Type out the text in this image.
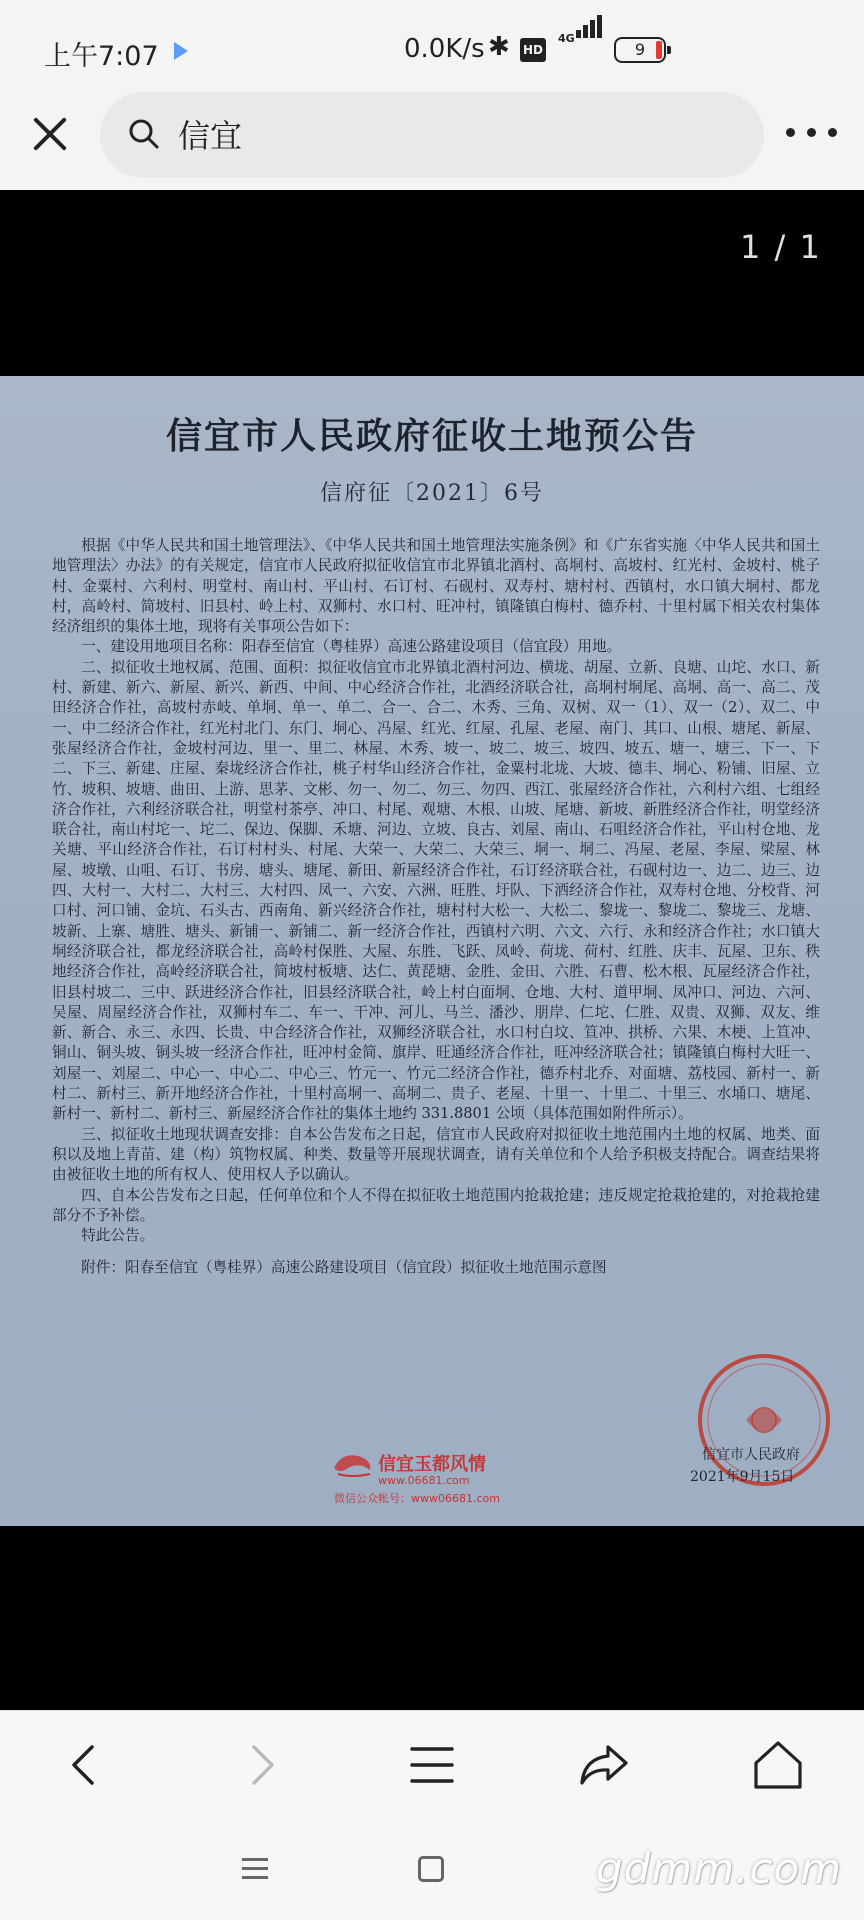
上午7:07	0.0K/s ✱ HD
4G
9
信宜
1 / 1
信宜市人民政府征收土地预公告
信府征〔2021〕6号

根据《中华人民共和国土地管理法》、《中华人民共和国土地管理法实施条例》和《广东省实施〈中华人民共和国土地管理法〉办法》的有关规定，信宜市人民政府拟征收信宜市北界镇北酒村、高垌村、高坡村、红光村、金坡村、桃子村、金粟村、六利村、明堂村、南山村、平山村、石订村、石砚村、双寿村、塘村村、西镇村，水口镇大垌村、都龙村，高岭村、简坡村、旧县村、岭上村、双狮村、水口村、旺冲村，镇隆镇白梅村、德乔村、十里村属下相关农村集体经济组织的集体土地，现将有关事项公告如下：

一、建设用地项目名称：阳春至信宜（粤桂界）高速公路建设项目（信宜段）用地。

二、拟征收土地权属、范围、面积：拟征收信宜市北界镇北酒村河边、横垅、胡屋、立新、良塘、山坨、水口、新村、新建、新六、新屋、新兴、新西、中间、中心经济合作社，北酒经济联合社，高垌村垌尾、高垌、高一、高二、茂田经济合作社，高坡村赤岐、单垌、单一、单二、合一、合二、木秀、三角、双树、双一（1）、双一（2）、双二、中一、中二经济合作社，红光村北门、东门、垌心、冯屋、红光、红屋、孔屋、老屋、南门、其口、山根、塘尾、新屋、张屋经济合作社，金坡村河边、里一、里二、林屋、木秀、坡一、坡二、坡三、坡四、坡五、塘一、塘三、下一、下二、下三、新建、庄屋、秦垅经济合作社，桃子村华山经济合作社，金粟村北垅、大坡、德丰、垌心、粉铺、旧屋、立竹、坡积、坡塘、曲田、上游、思茅、文彬、勿一、勿二、勿三、勿四、西江、张屋经济合作社，六利村六组、七组经济合作社，六利经济联合社，明堂村茶亭、冲口、村尾、观塘、木根、山坡、尾塘、新坡、新胜经济合作社，明堂经济联合社，南山村坨一、坨二、保边、保脚、禾塘、河边、立坡、良古、刘屋、南山、石咀经济合作社，平山村仓地、龙关塘、平山经济合作社，石订村村头、村尾、大荣一、大荣二、大荣三、垌一、垌二、冯屋、老屋、李屋、梁屋、林屋、坡墩、山咀、石订、书房、塘头、塘尾、新田、新屋经济合作社，石订经济联合社，石砚村边一、边二、边三、边四、大村一、大村二、大村三、大村四、凤一、六安、六洲、旺胜、圩队、下洒经济合作社，双寿村仓地、分校背、河口村、河口铺、金坑、石头古、西南角、新兴经济合作社，塘村村大松一、大松二、黎垅一、黎垅二、黎垅三、龙塘、坡新、上寨、塘胜、塘头、新铺一、新铺二、新一经济合作社，西镇村六明、六文、六行、永和经济合作社；水口镇大垌经济联合社，都龙经济联合社，高岭村保胜、大屋、东胜、飞跃、凤岭、荷垅、荷村、红胜、庆丰、瓦屋、卫东、秩地经济合作社，高岭经济联合社，简坡村板塘、达仁、黄琵塘、金胜、金田、六胜、石曹、松木根、瓦屋经济合作社，旧县村坡二、三中、跃进经济合作社，旧县经济联合社，岭上村白面垌、仓地、大村、道甲垌、凤冲口、河边、六河、吴屋、周屋经济合作社，双狮村车二、车一、干冲、河儿、马兰、潘沙、朋岸、仁坨、仁胜、双贵、双狮、双友、维新、新合、永三、永四、长贵、中合经济合作社，双狮经济联合社，水口村白坟、笪冲、拱桥、六果、木梗、上笪冲、铜山、铜头坡、铜头坡一经济合作社，旺冲村金简、旗岸、旺通经济合作社，旺冲经济联合社；镇隆镇白梅村大旺一、刘屋一、刘屋二、中心一、中心二、中心三、竹元一、竹元二经济合作社，德乔村北乔、对面塘、荔枝园、新村一、新村二、新村三、新开地经济合作社，十里村高垌一、高垌二、贵子、老屋、十里一、十里二、十里三、水埇口、塘尾、新村一、新村二、新村三、新屋经济合作社的集体土地约 331.8801 公顷（具体范围如附件所示）。

三、拟征收土地现状调查安排：自本公告发布之日起，信宜市人民政府对拟征收土地范围内土地的权属、地类、面积以及地上青苗、建（构）筑物权属、种类、数量等开展现状调查，请有关单位和个人给予积极支持配合。调查结果将由被征收土地的所有权人、使用权人予以确认。

四、自本公告发布之日起，任何单位和个人不得在拟征收土地范围内抢栽抢建；违反规定抢栽抢建的，对抢栽抢建部分不予补偿。

特此公告。

附件：阳春至信宜（粤桂界）高速公路建设项目（信宜段）拟征收土地范围示意图

信宜市人民政府
2021年9月15日
信宜玉都风情
www.06681.com
微信公众帐号：www06681.com
gdmm.com
